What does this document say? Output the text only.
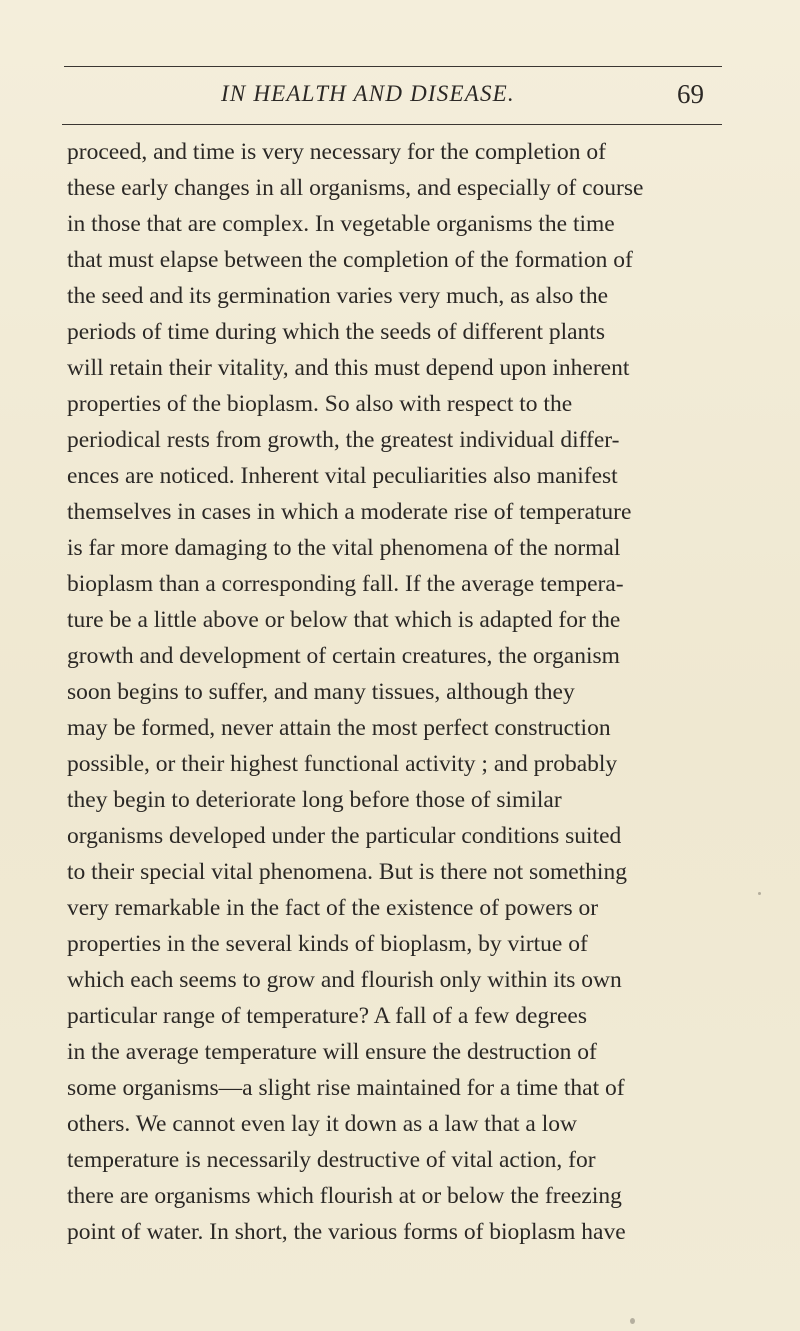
IN HEALTH AND DISEASE.	69
proceed, and time is very necessary for the completion of
these early changes in all organisms, and especially of course
in those that are complex. In vegetable organisms the time
that must elapse between the completion of the formation of
the seed and its germination varies very much, as also the
periods of time during which the seeds of different plants
will retain their vitality, and this must depend upon inherent
properties of the bioplasm. So also with respect to the
periodical rests from growth, the greatest individual differ-
ences are noticed. Inherent vital peculiarities also manifest
themselves in cases in which a moderate rise of temperature
is far more damaging to the vital phenomena of the normal
bioplasm than a corresponding fall. If the average tempera-
ture be a little above or below that which is adapted for the
growth and development of certain creatures, the organism
soon begins to suffer, and many tissues, although they
may be formed, never attain the most perfect construction
possible, or their highest functional activity ; and probably
they begin to deteriorate long before those of similar
organisms developed under the particular conditions suited
to their special vital phenomena. But is there not something
very remarkable in the fact of the existence of powers or
properties in the several kinds of bioplasm, by virtue of
which each seems to grow and flourish only within its own
particular range of temperature? A fall of a few degrees
in the average temperature will ensure the destruction of
some organisms—a slight rise maintained for a time that of
others. We cannot even lay it down as a law that a low
temperature is necessarily destructive of vital action, for
there are organisms which flourish at or below the freezing
point of water. In short, the various forms of bioplasm have
